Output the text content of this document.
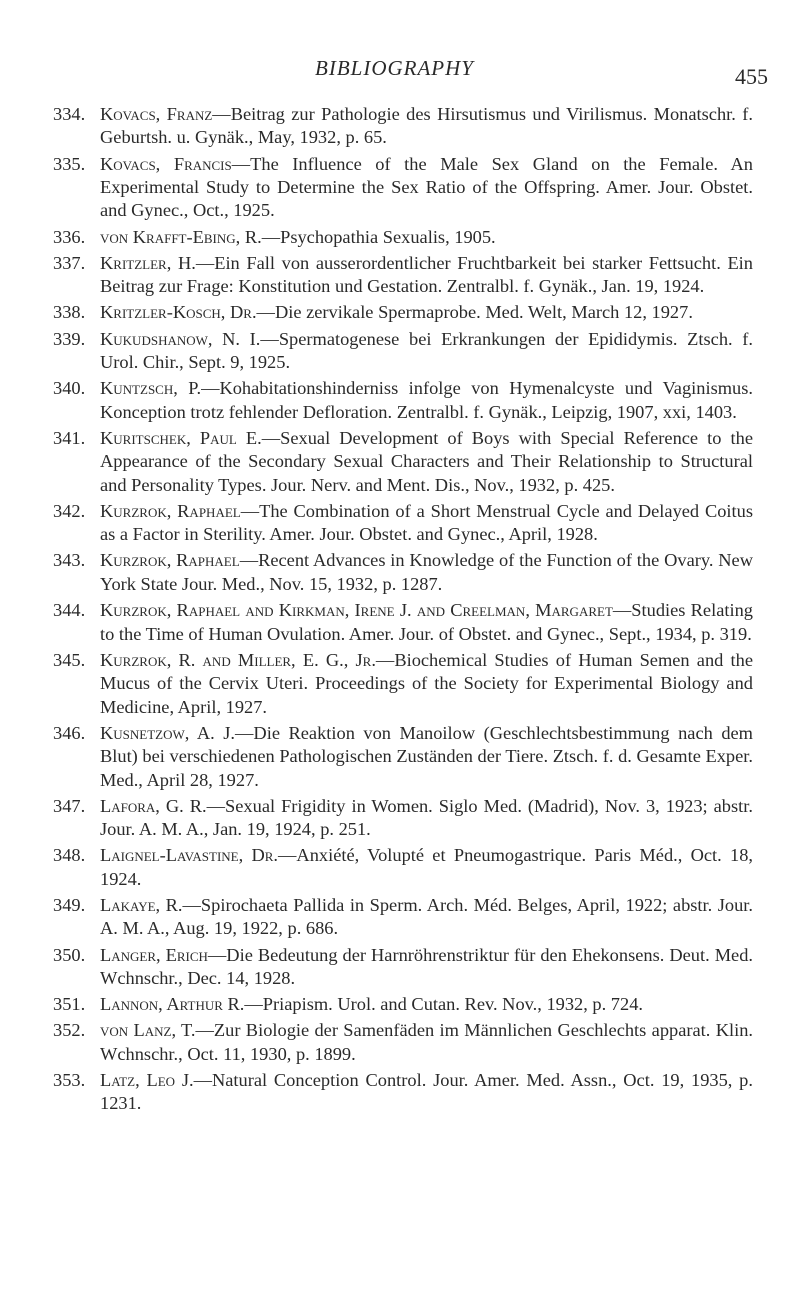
BIBLIOGRAPHY	455
334. Kovacs, Franz—Beitrag zur Pathologie des Hirsutismus und Virilismus. Monatschr. f. Geburtsh. u. Gynäk., May, 1932, p. 65.
335. Kovacs, Francis—The Influence of the Male Sex Gland on the Female. An Experimental Study to Determine the Sex Ratio of the Offspring. Amer. Jour. Obstet. and Gynec., Oct., 1925.
336. von Krafft-Ebing, R.—Psychopathia Sexualis, 1905.
337. Kritzler, H.—Ein Fall von ausserordentlicher Fruchtbarkeit bei starker Fettsucht. Ein Beitrag zur Frage: Konstitution und Gestation. Zentralbl. f. Gynäk., Jan. 19, 1924.
338. Kritzler-Kosch, Dr.—Die zervikale Spermaprobe. Med. Welt, March 12, 1927.
339. Kukudshanow, N. I.—Spermatogenese bei Erkrankungen der Epididymis. Ztsch. f. Urol. Chir., Sept. 9, 1925.
340. Kuntzsch, P.—Kohabitationshinderniss infolge von Hymenalcyste und Vaginismus. Konception trotz fehlender Defloration. Zentralbl. f. Gynäk., Leipzig, 1907, xxi, 1403.
341. Kuritschek, Paul E.—Sexual Development of Boys with Special Reference to the Appearance of the Secondary Sexual Characters and Their Relationship to Structural and Personality Types. Jour. Nerv. and Ment. Dis., Nov., 1932, p. 425.
342. Kurzrok, Raphael—The Combination of a Short Menstrual Cycle and Delayed Coitus as a Factor in Sterility. Amer. Jour. Obstet. and Gynec., April, 1928.
343. Kurzrok, Raphael—Recent Advances in Knowledge of the Function of the Ovary. New York State Jour. Med., Nov. 15, 1932, p. 1287.
344. Kurzrok, Raphael and Kirkman, Irene J. and Creelman, Margaret—Studies Relating to the Time of Human Ovulation. Amer. Jour. of Obstet. and Gynec., Sept., 1934, p. 319.
345. Kurzrok, R. and Miller, E. G., Jr.—Biochemical Studies of Human Semen and the Mucus of the Cervix Uteri. Proceedings of the Society for Experimental Biology and Medicine, April, 1927.
346. Kusnetzow, A. J.—Die Reaktion von Manoilow (Geschlechtsbestimmung nach dem Blut) bei verschiedenen Pathologischen Zuständen der Tiere. Ztsch. f. d. Gesamte Exper. Med., April 28, 1927.
347. Lafora, G. R.—Sexual Frigidity in Women. Siglo Med. (Madrid), Nov. 3, 1923; abstr. Jour. A. M. A., Jan. 19, 1924, p. 251.
348. Laignel-Lavastine, Dr.—Anxiété, Volupté et Pneumogastrique. Paris Méd., Oct. 18, 1924.
349. Lakaye, R.—Spirochaeta Pallida in Sperm. Arch. Méd. Belges, April, 1922; abstr. Jour. A. M. A., Aug. 19, 1922, p. 686.
350. Langer, Erich—Die Bedeutung der Harnröhrenstriktur für den Ehekonsens. Deut. Med. Wchnschr., Dec. 14, 1928.
351. Lannon, Arthur R.—Priapism. Urol. and Cutan. Rev. Nov., 1932, p. 724.
352. von Lanz, T.—Zur Biologie der Samenfäden im Männlichen Geschlechts apparat. Klin. Wchnschr., Oct. 11, 1930, p. 1899.
353. Latz, Leo J.—Natural Conception Control. Jour. Amer. Med. Assn., Oct. 19, 1935, p. 1231.
